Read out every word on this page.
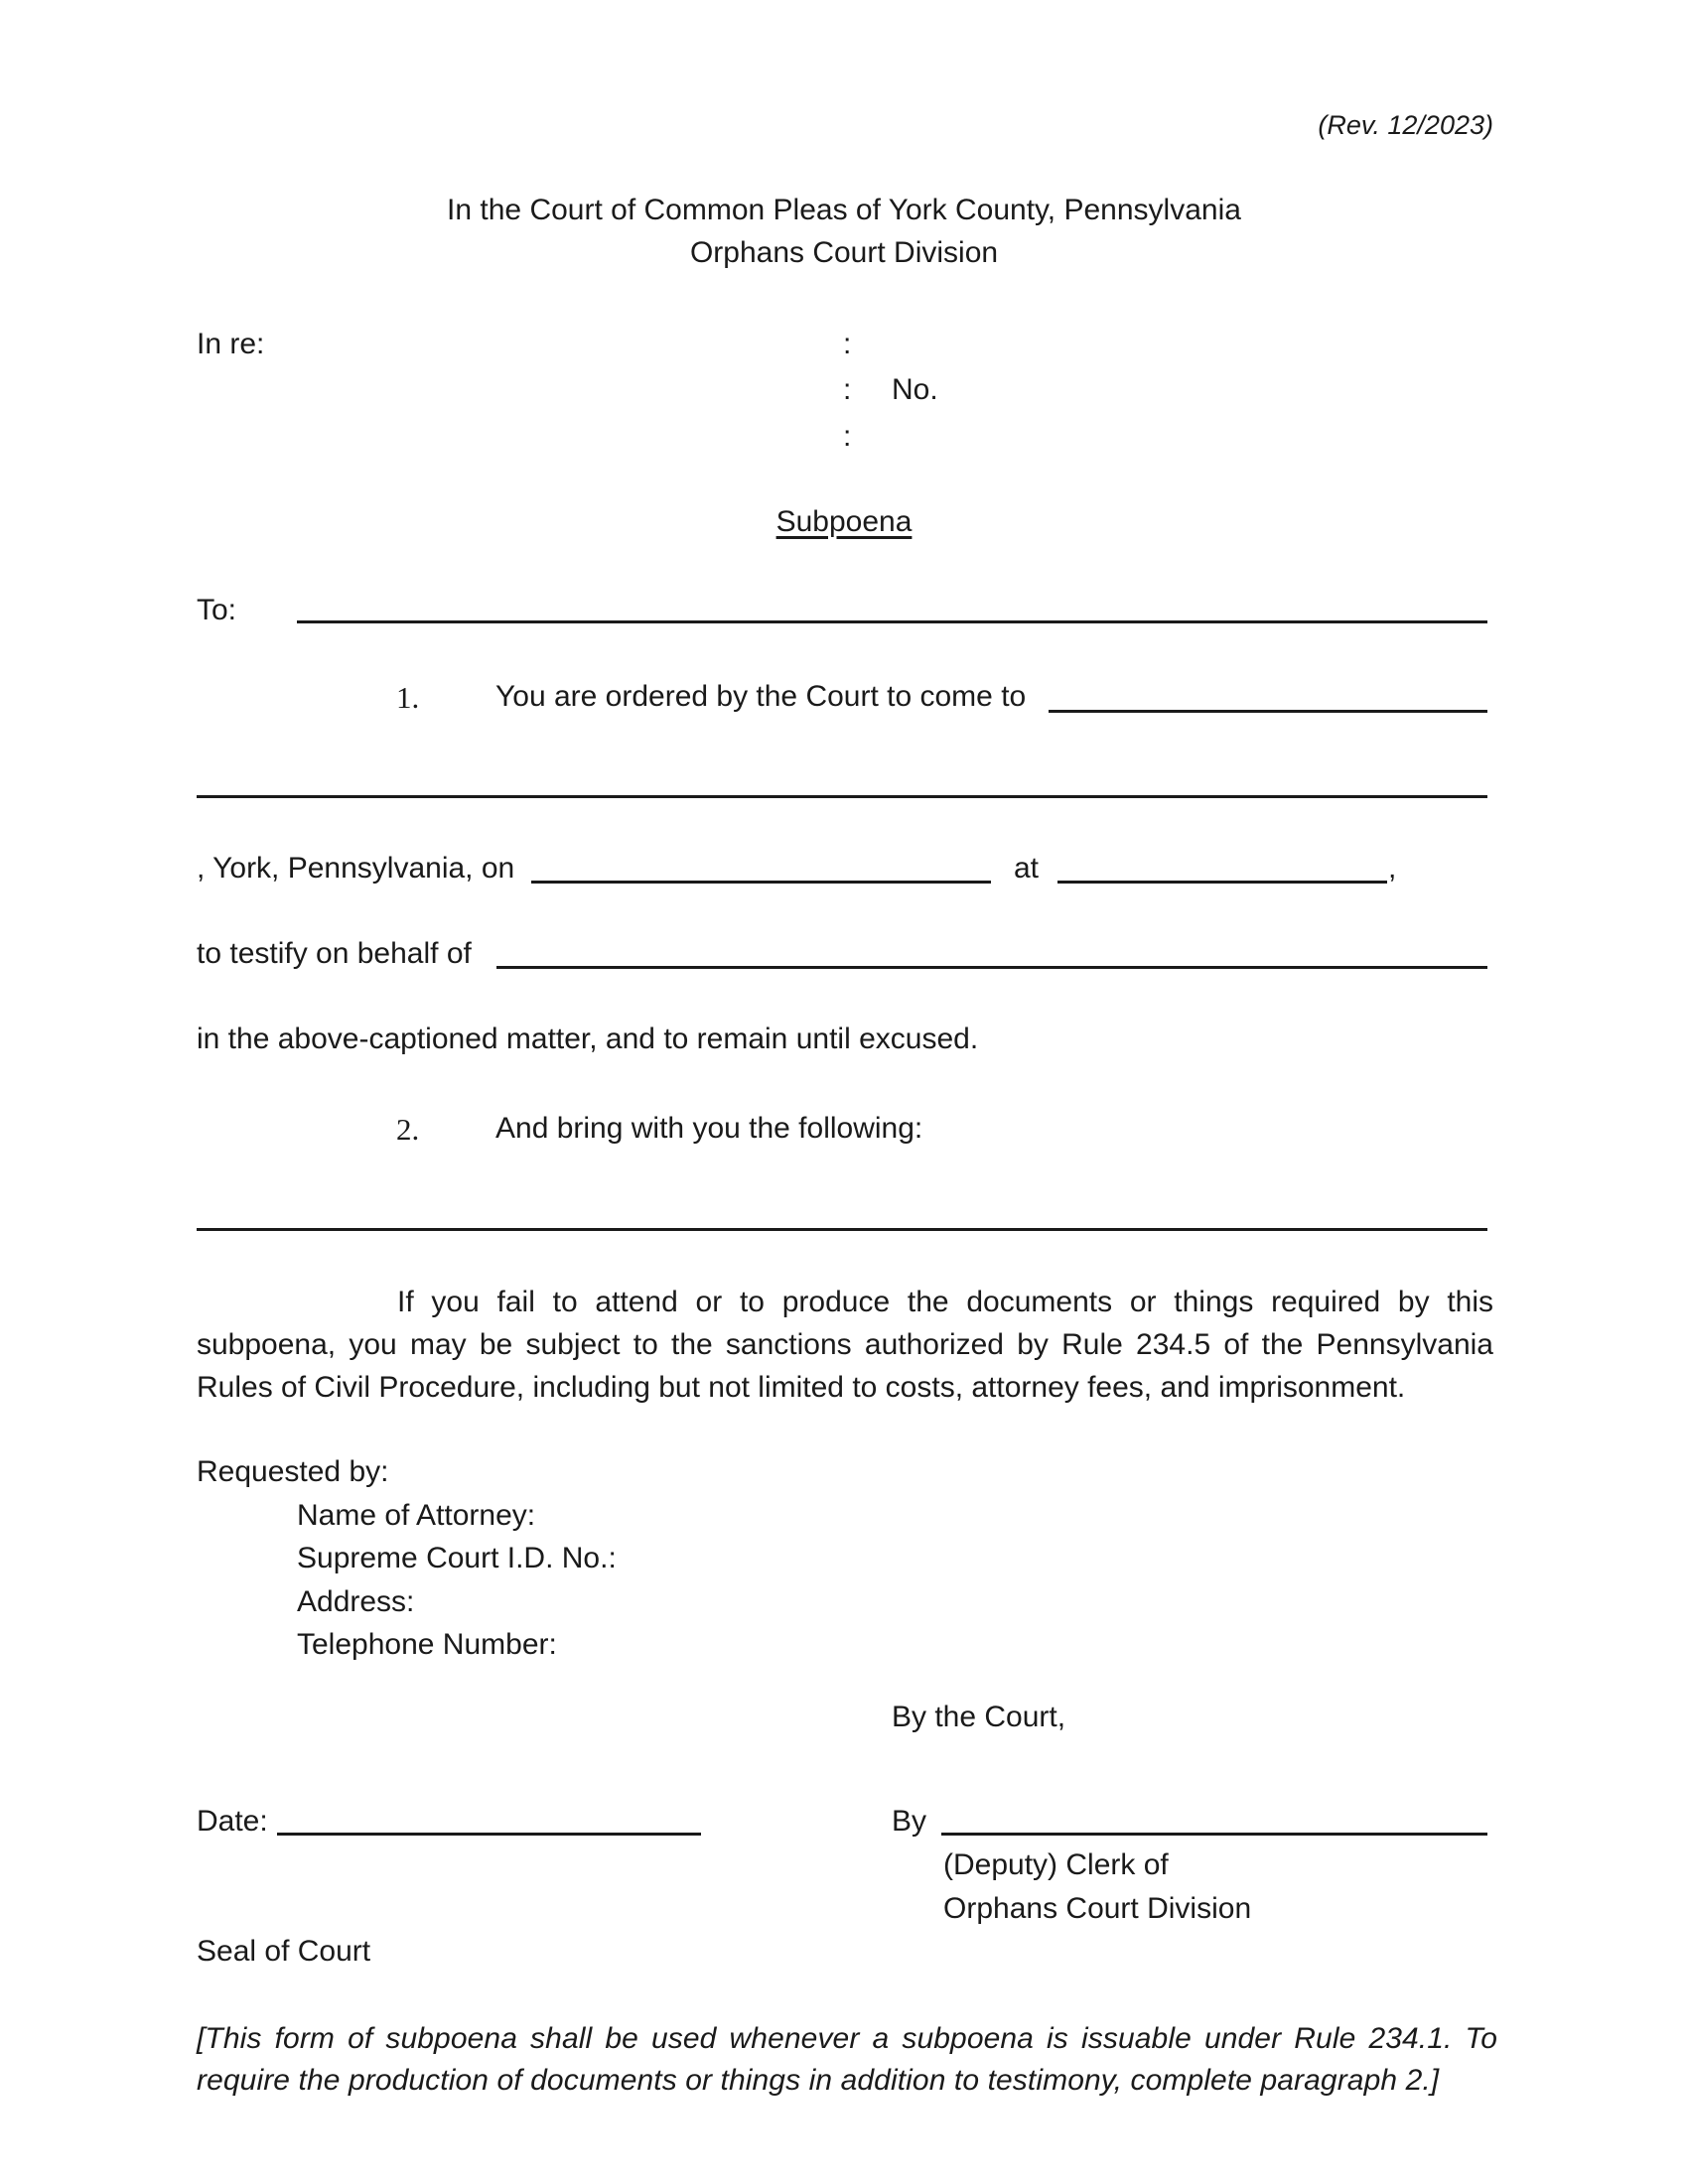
(Rev. 12/2023)
In the Court of Common Pleas of York County, Pennsylvania
Orphans Court Division
In re:	:
: No.
:
Subpoena
To:
1.	You are ordered by the Court to come to
, York, Pennsylvania, on	at	,
to testify on behalf of
in the above-captioned matter, and to remain until excused.
2.	And bring with you the following:
If you fail to attend or to produce the documents or things required by this subpoena, you may be subject to the sanctions authorized by Rule 234.5 of the Pennsylvania Rules of Civil Procedure, including but not limited to costs, attorney fees, and imprisonment.
Requested by:
Name of Attorney:
Supreme Court I.D. No.:
Address:
Telephone Number:
By the Court,
Date:	By
(Deputy) Clerk of
Orphans Court Division
Seal of Court
[This form of subpoena shall be used whenever a subpoena is issuable under Rule 234.1. To require the production of documents or things in addition to testimony, complete paragraph 2.]
